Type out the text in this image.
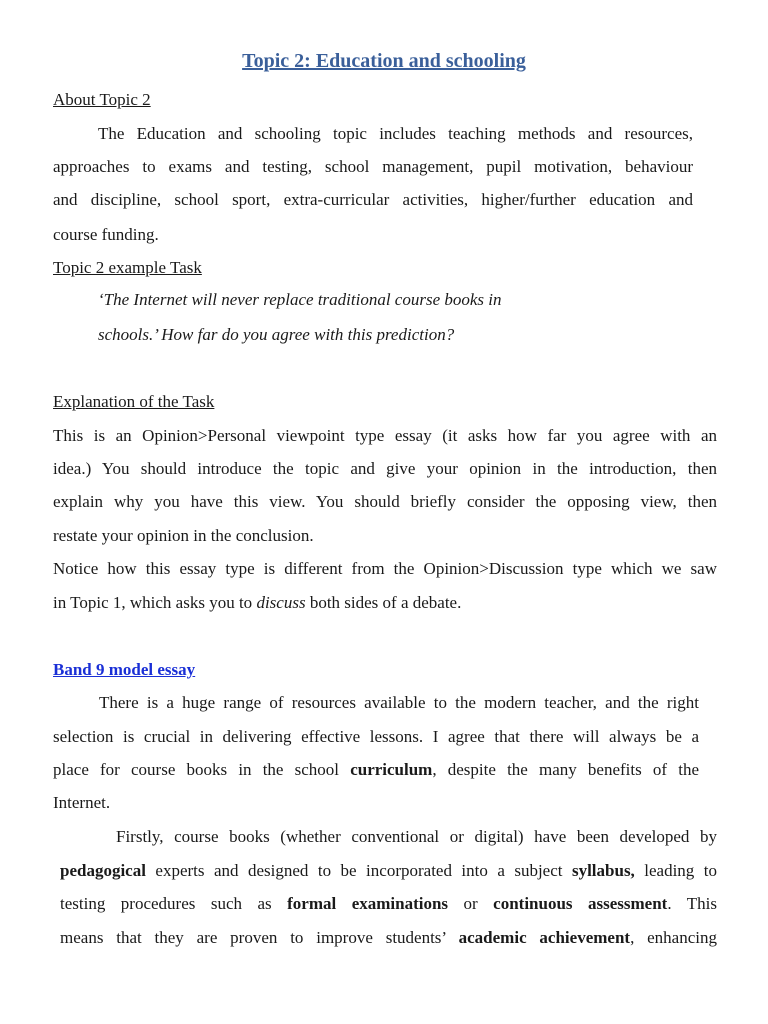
Topic 2: Education and schooling
About Topic 2
The Education and schooling topic includes teaching methods and resources,
approaches to exams and testing, school management, pupil motivation, behaviour
and discipline, school sport, extra-curricular activities, higher/further education and
course funding.
Topic 2 example Task
‘The Internet will never replace traditional course books in
schools.’ How far do you agree with this prediction?
Explanation of the Task
This is an Opinion>Personal viewpoint type essay (it asks how far you agree with an
idea.) You should introduce the topic and give your opinion in the introduction, then
explain why you have this view. You should briefly consider the opposing view, then
restate your opinion in the conclusion.
Notice how this essay type is different from the Opinion>Discussion type which we saw
in Topic 1, which asks you to discuss both sides of a debate.
Band 9 model essay
There is a huge range of resources available to the modern teacher, and the right
selection is crucial in delivering effective lessons. I agree that there will always be a
place for course books in the school curriculum, despite the many benefits of the
Internet.
Firstly, course books (whether conventional or digital) have been developed by
pedagogical experts and designed to be incorporated into a subject syllabus, leading to
testing procedures such as formal examinations or continuous assessment. This
means that they are proven to improve students’ academic achievement, enhancing
